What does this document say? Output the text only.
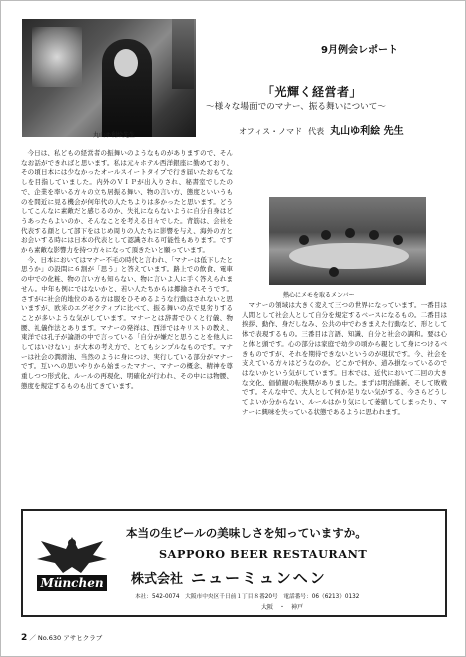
丸山ゆ利絵先生
9月例会レポート
「光輝く経営者」
～様々な場面でのマナー、振る舞いについて～
オフィス・ノマド 代表 丸山ゆ利絵 先生

今日は、私どもの経営者の振舞いのようなものがありますので、そんなお話ができればと思います。私は元々ホテル西洋銀座に勤めており、その頃日本には少なかったオールスイートタイプで行き届いたおもてなしを目指していました。内外のＶＩＰが出入りされ、秘書室でしたので、企業を率いる方々の立ち居振る舞い、物の言い方、態度といいうものを間近に見る機会が何年代の人たちよりは多かったと思います。どうしてこんなに素敵だと感じるのか、失礼にならないように自分自身はどうあったらよいのか、そんなことを考える日々でした。背筋は、会社を代表する顔として部下をはじめ周りの人たちに影響を与え、海外の方とお会いする時には日本の代表として認識される可能性もあります。ですから素敵な影響力を持つ方々になって頂きたいと願っています。

今、日本においてはマナー不毛の時代と言われ、「マナーは低下したと思うか」の設問に６割が「思う」と答えています。路上での飲食、電車の中での化粧、物の言い方も知らない、物に言いよ人に手く答えられません。中年も例にではないかと、若い人たちからは揶揄されそうです。さすがに社会的地位のある方は服をひそめるような行動はされないと思いますが、欧米のエグゼクティブに比べて、振る舞いの点で見劣りすることが多いような気がしています。マナーとは辞書でひくと行儀、物腰、礼儀作法とあります。マナーの発祥は、西洋ではキリストの教え、東洋では孔子が論語の中で言っている「自分が嫌だと思うことを他人にしてはいけない」が大本の考え方で、とてもシンプルなものです。マナーは社会の潤滑油、当然のように身につけ、実行している部分がマナーです。互いへの思いやりから始まったマナー、マナーの概念、精神を尊重しつつ形式化、ルールの再現化、明確化が行われ、その中には物腰、態度を規定するものも出てきています。

熱心にメモを取るメンバー

マナーの領域は大きく変えて三つの世界になっています。一番目は人間として社会人として自分を規定するベースになるもの。二番目は挨拶、動作、身だしなみ、公共の中でわきまえた行動など、形として体で表現するもの。三番目は言語、知識、自分と社会の調和。要は心と体と頭です。心の部分は家庭で幼少の頃から親として身につけるべきものですが、それを期待できないというのが現状です。今、社会を支えている方々はどうなのか。どこかで何か、道み損なっているのではないかという気がしています。日本では、近代において二回の大きな文化、価値観の転換期がありました。まずは明治維新、そして敗戦です。そんな中で、大人として何か足りない気がする、今さらどうしてよいか分からない、ルールはかり気にして萎縮してしまったり、マナーに興味を失っている状態であるように思われます。

München
本当の生ビールの美味しさを知っていますか。
SAPPORO BEER RESTAURANT
株式会社 ニューミュンヘン
本社：542-0074　大阪市中央区千日前１丁目８番20号　電話番号：06（6213）0132
大阪　・　神戸
2 ／ No.630 アサヒクラブ
